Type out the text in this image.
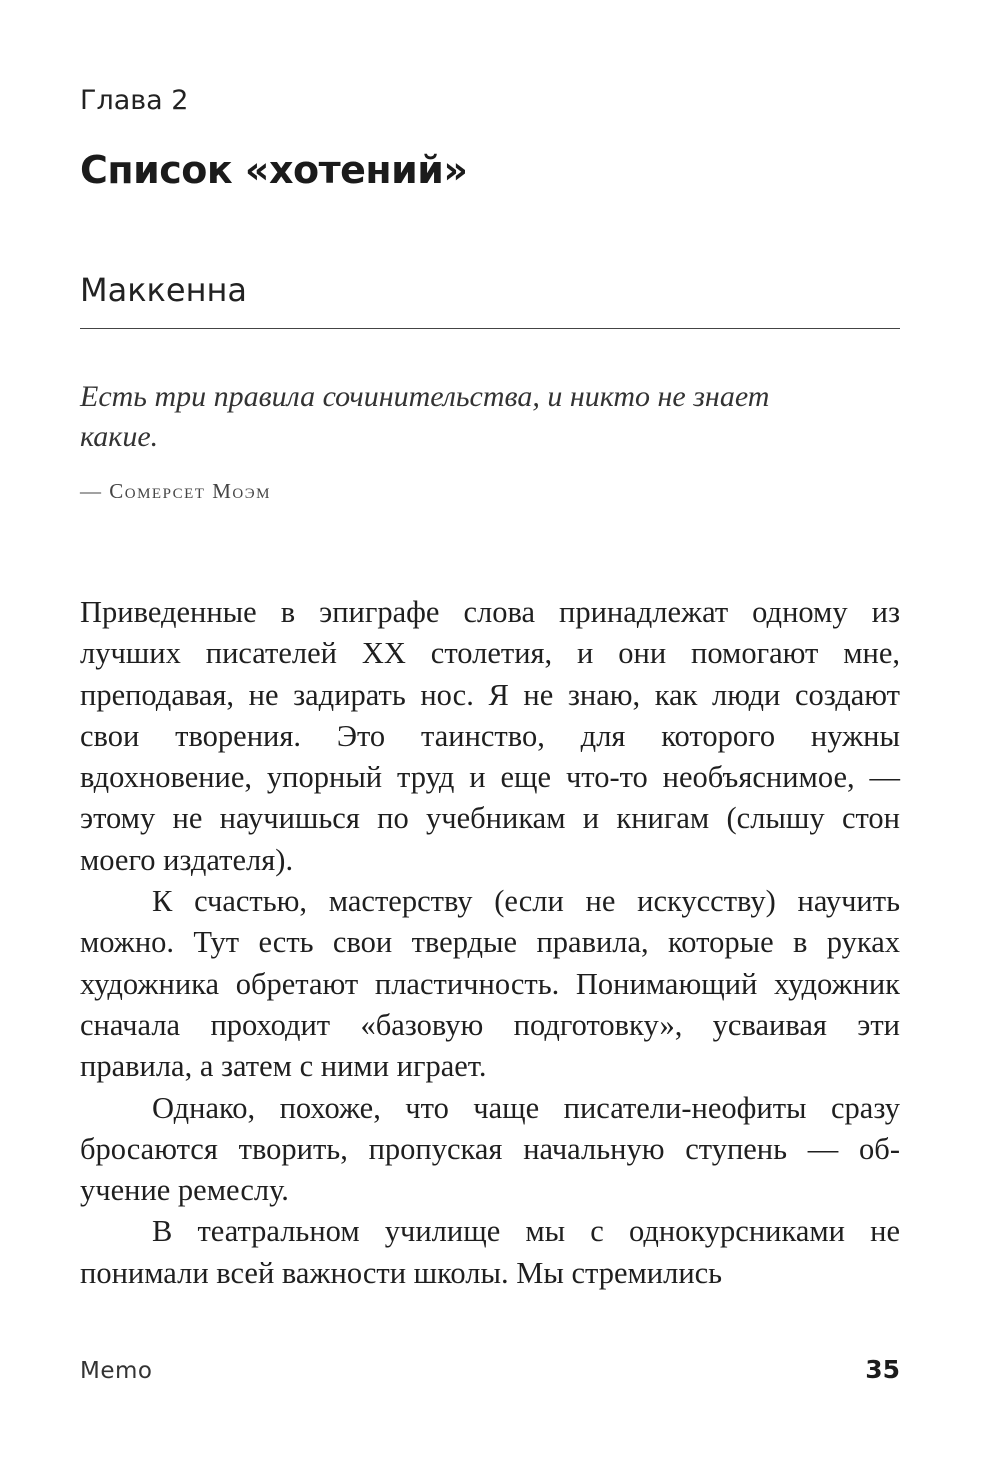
Глава 2
Список «хотений»
Маккенна
Есть три правила сочинительства, и никто не знает какие.
— Сомерсет Моэм

Приведенные в эпиграфе слова принадлежат одному из лучших писателей XX столетия, и они помогают мне, преподавая, не задирать нос. Я не знаю, как люди создают свои творения. Это таинство, для которого нужны вдохновение, упорный труд и еще что-то необъяснимое, — этому не научишься по учебникам и книгам (слышу стон моего издателя).

К счастью, мастерству (если не искусству) научить можно. Тут есть свои твердые правила, которые в руках художника обретают пластичность. Понимающий художник сначала проходит «базовую подготовку», усваивая эти правила, а затем с ними играет.

Однако, похоже, что чаще писатели-неофиты сразу бросаются творить, пропуская начальную ступень — обучение ремеслу.

В театральном училище мы с однокурсниками не понимали всей важности школы. Мы стремились

Memo	35
